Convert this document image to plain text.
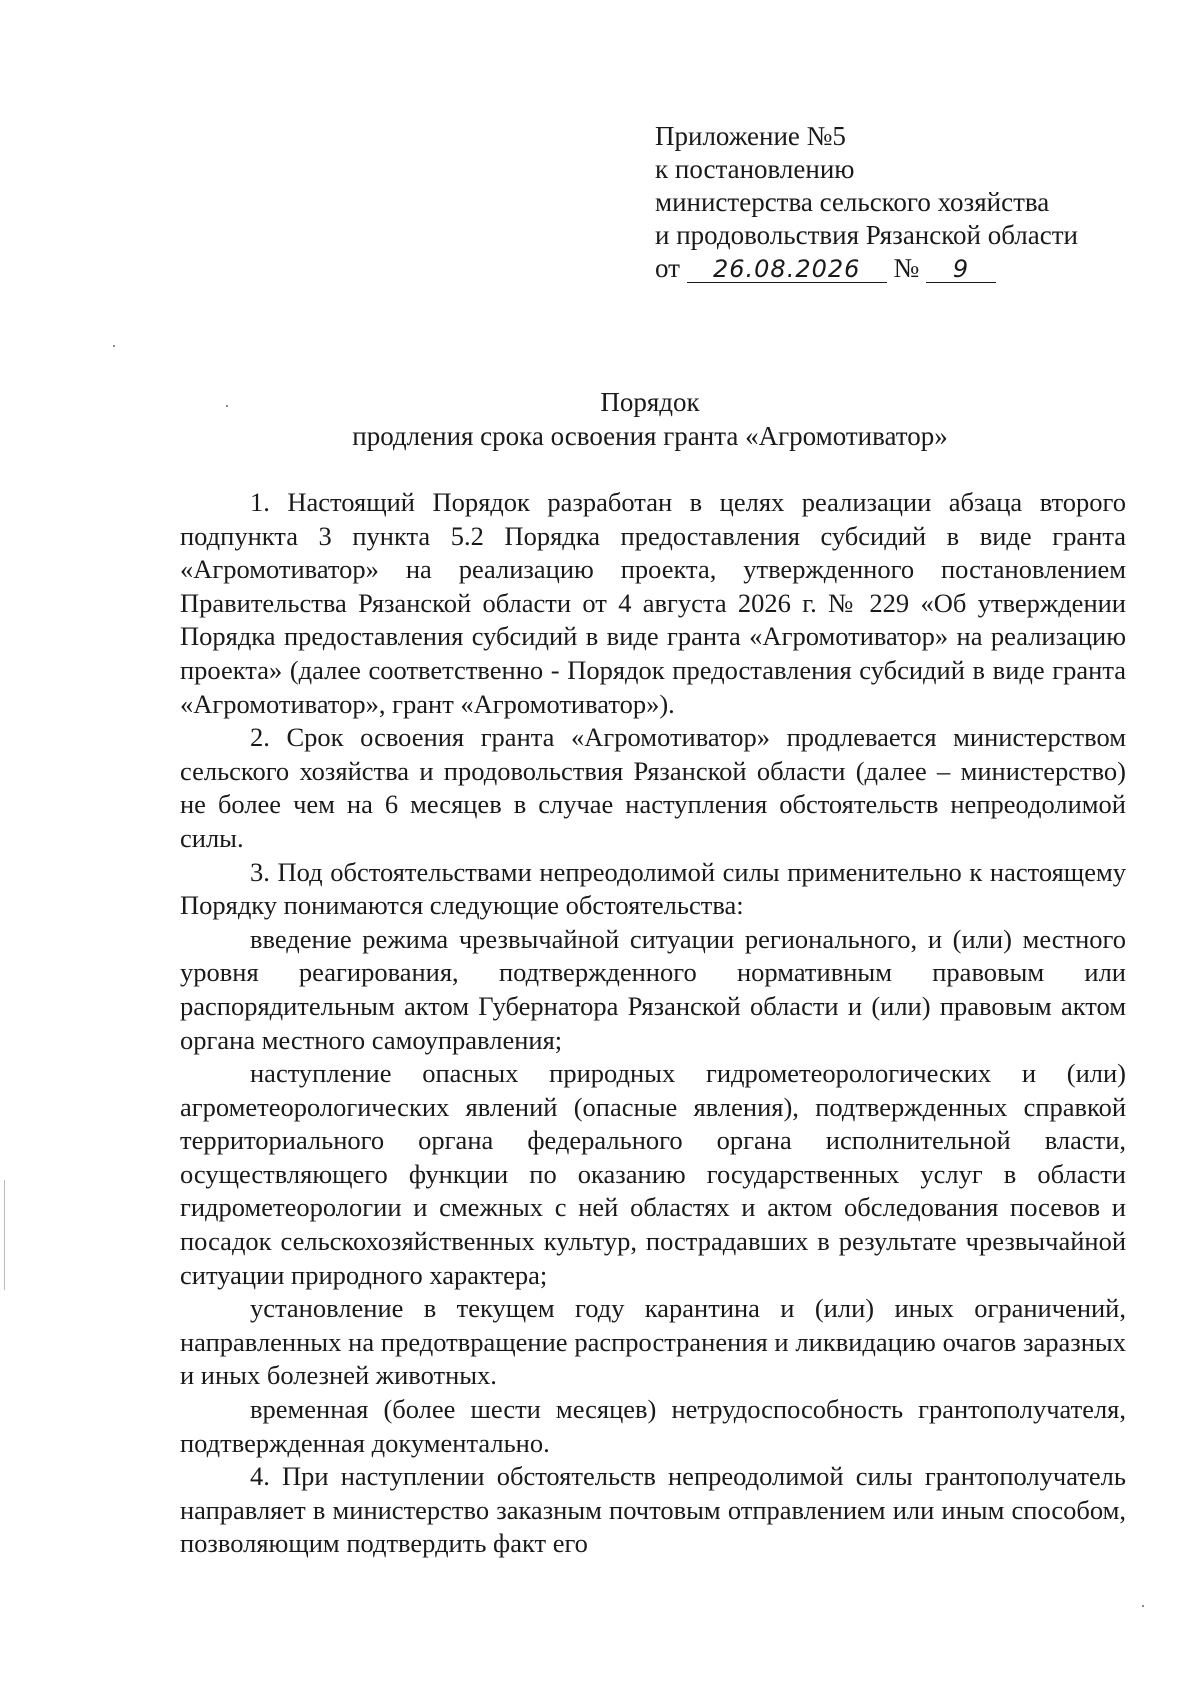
Приложение №5
к постановлению
министерства сельского хозяйства
и продовольствия Рязанской области
от 26.08.2026 № 9
Порядок
продления срока освоения гранта «Агромотиватор»

1. Настоящий Порядок разработан в целях реализации абзаца второго подпункта 3 пункта 5.2 Порядка предоставления субсидий в виде гранта «Агромотиватор» на реализацию проекта, утвержденного постановлением Правительства Рязанской области от 4 августа 2026 г. № 229 «Об утверждении Порядка предоставления субсидий в виде гранта «Агромотиватор» на реализацию проекта» (далее соответственно - Порядок предоставления субсидий в виде гранта «Агромотиватор», грант «Агромотиватор»).

2. Срок освоения гранта «Агромотиватор» продлевается министерством сельского хозяйства и продовольствия Рязанской области (далее – министерство) не более чем на 6 месяцев в случае наступления обстоятельств непреодолимой силы.

3. Под обстоятельствами непреодолимой силы применительно к настоящему Порядку понимаются следующие обстоятельства:

введение режима чрезвычайной ситуации регионального, и (или) местного уровня реагирования, подтвержденного нормативным правовым или распорядительным актом Губернатора Рязанской области и (или) правовым актом органа местного самоуправления;

наступление опасных природных гидрометеорологических и (или) агрометеорологических явлений (опасные явления), подтвержденных справкой территориального органа федерального органа исполнительной власти, осуществляющего функции по оказанию государственных услуг в области гидрометеорологии и смежных с ней областях и актом обследования посевов и посадок сельскохозяйственных культур, пострадавших в результате чрезвычайной ситуации природного характера;

установление в текущем году карантина и (или) иных ограничений, направленных на предотвращение распространения и ликвидацию очагов заразных и иных болезней животных.

временная (более шести месяцев) нетрудоспособность грантополучателя, подтвержденная документально.

4. При наступлении обстоятельств непреодолимой силы грантополучатель направляет в министерство заказным почтовым отправлением или иным способом, позволяющим подтвердить факт его
